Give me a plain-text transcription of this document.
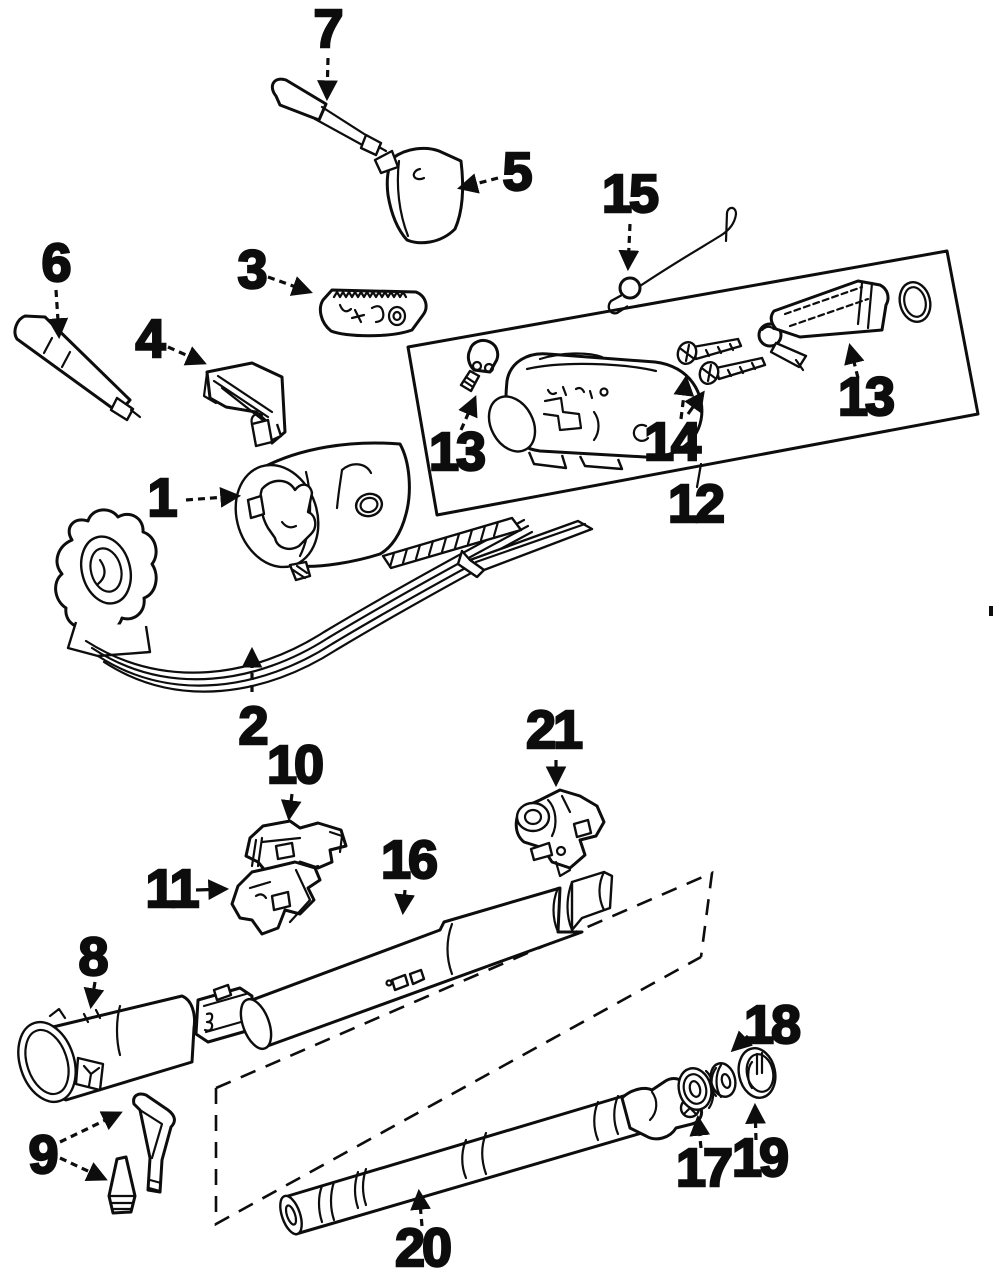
1
2
3
4
5
6
7
8
9
10
11
12
13
13
14
15
16
17
18
19
20
21
